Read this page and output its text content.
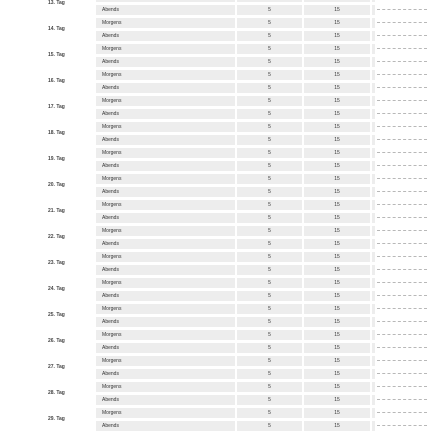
13. Tag
Abends	5	15
14. Tag
Morgens	5	15
Abends	5	15
15. Tag
Morgens	5	15
Abends	5	15
16. Tag
Morgens	5	15
Abends	5	15
17. Tag
Morgens	5	15
Abends	5	15
18. Tag
Morgens	5	15
Abends	5	15
19. Tag
Morgens	5	15
Abends	5	15
20. Tag
Morgens	5	15
Abends	5	15
21. Tag
Morgens	5	15
Abends	5	15
22. Tag
Morgens	5	15
Abends	5	15
23. Tag
Morgens	5	15
Abends	5	15
24. Tag
Morgens	5	15
Abends	5	15
25. Tag
Morgens	5	15
Abends	5	15
26. Tag
Morgens	5	15
Abends	5	15
27. Tag
Morgens	5	15
Abends	5	15
28. Tag
Morgens	5	15
Abends	5	15
29. Tag
Morgens	5	15
Abends	5	15
